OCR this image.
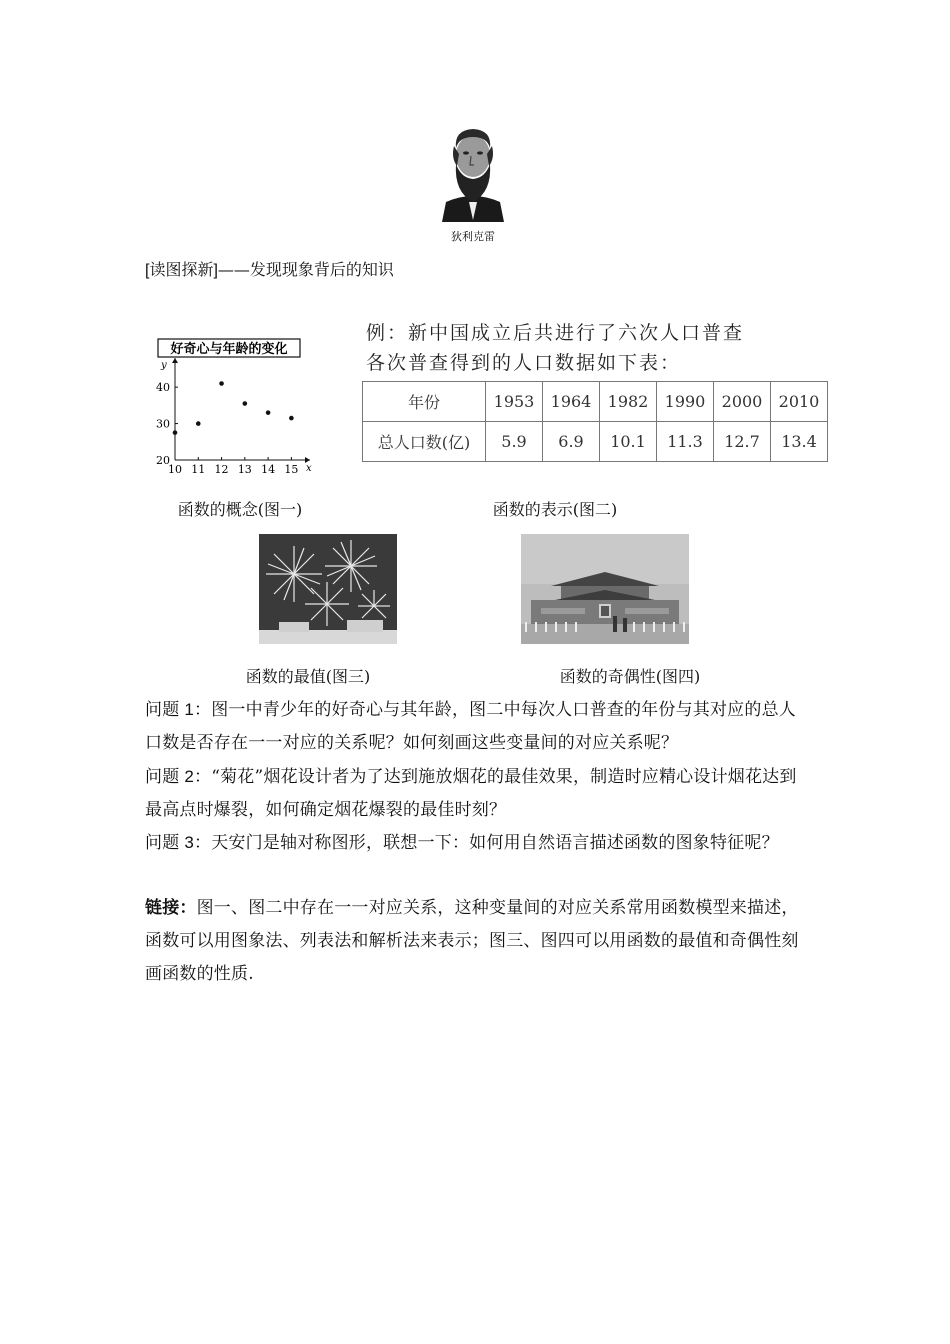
狄利克雷
[读图探新]——发现现象背后的知识
好奇心与年龄的变化
y
x
10 11 12 13 14 15
20
30
40
例：新中国成立后共进行了六次人口普查
各次普查得到的人口数据如下表：
年份	1953	1964	1982	1990	2000	2010
总人口数(亿)	5.9	6.9	10.1	11.3	12.7	13.4
函数的概念(图一)	函数的表示(图二)
函数的最值(图三)	函数的奇偶性(图四)
问题 1：图一中青少年的好奇心与其年龄，图二中每次人口普查的年份与其对应的总人口数是否存在一一对应的关系呢？如何刻画这些变量间的对应关系呢？
问题 2：“菊花”烟花设计者为了达到施放烟花的最佳效果，制造时应精心设计烟花达到最高点时爆裂，如何确定烟花爆裂的最佳时刻？
问题 3：天安门是轴对称图形，联想一下：如何用自然语言描述函数的图象特征呢？
链接：图一、图二中存在一一对应关系，这种变量间的对应关系常用函数模型来描述，函数可以用图象法、列表法和解析法来表示；图三、图四可以用函数的最值和奇偶性刻画函数的性质.
